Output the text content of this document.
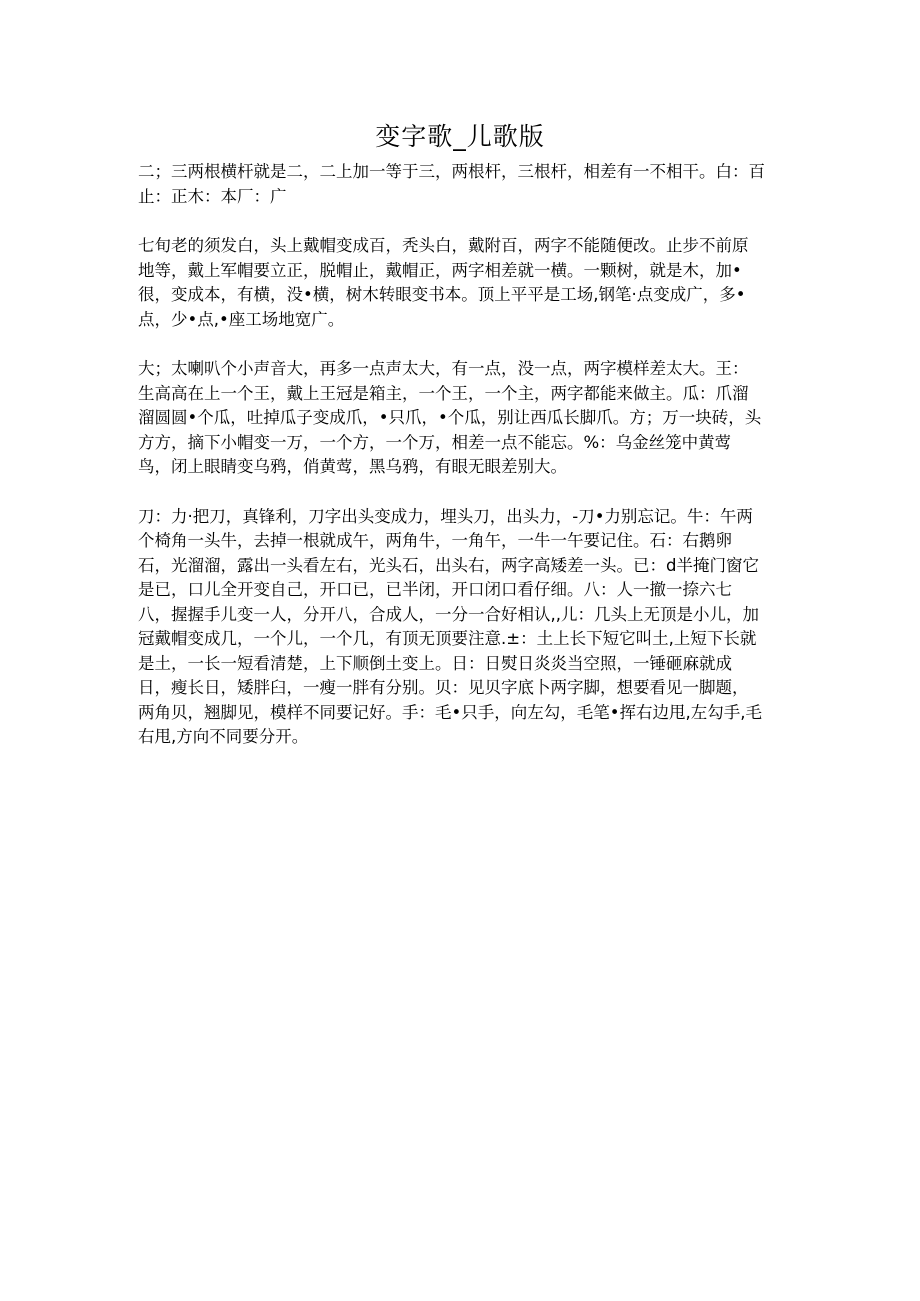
变字歌_儿歌版

二；三两根横杆就是二，二上加一等于三，两根杆，三根杆，相差有一不相干。白：百
止：正木：本厂：广

七旬老的须发白，头上戴帽变成百，秃头白，戴附百，两字不能随便改。止步不前原
地等，戴上军帽要立正，脱帽止，戴帽正，两字相差就一横。一颗树，就是木，加•
很，变成本，有横，没•横，树木转眼变书本。顶上平平是工场,钢笔·点变成广，多•
点，少•点,•座工场地宽广。

大；太喇叭个小声音大，再多一点声太大，有一点，没一点，两字模样差太大。王：
生高高在上一个王，戴上王冠是箱主，一个王，一个主，两字都能来做主。瓜：爪溜
溜圆圆•个瓜，吐掉瓜子变成爪，•只爪，•个瓜，别让西瓜长脚爪。方；万一块砖，头
方方，摘下小帽变一万，一个方，一个万，相差一点不能忘。%：乌金丝笼中黄莺
鸟，闭上眼睛变乌鸦，俏黄莺，黑乌鸦，有眼无眼差别大。

刀：力·把刀，真锋利，刀字出头变成力，埋头刀，出头力，-刀•力别忘记。牛：午两
个椅角一头牛，去掉一根就成午，两角牛，一角午，一牛一午要记住。石：右鹅卵
石，光溜溜，露出一头看左右，光头石，出头右，两字高矮差一头。已：d半掩门窗它
是已，口儿全开变自己，开口已，已半闭，开口闭口看仔细。八：人一撤一捺六七
八，握握手儿变一人，分开八，合成人，一分一合好相认,,儿：几头上无顶是小儿，加
冠戴帽变成几，一个儿，一个几，有顶无顶要注意.±：土上长下短它叫土,上短下长就
是土，一长一短看清楚，上下顺倒土变上。日：日熨日炎炎当空照，一锤砸麻就成
日，瘦长日，矮胖臼，一瘦一胖有分别。贝：见贝字底卜两字脚，想要看见一脚题，
两角贝，翘脚见，模样不同要记好。手：毛•只手，向左勾，毛笔•挥右边甩,左勾手,毛
右甩,方向不同要分开。
